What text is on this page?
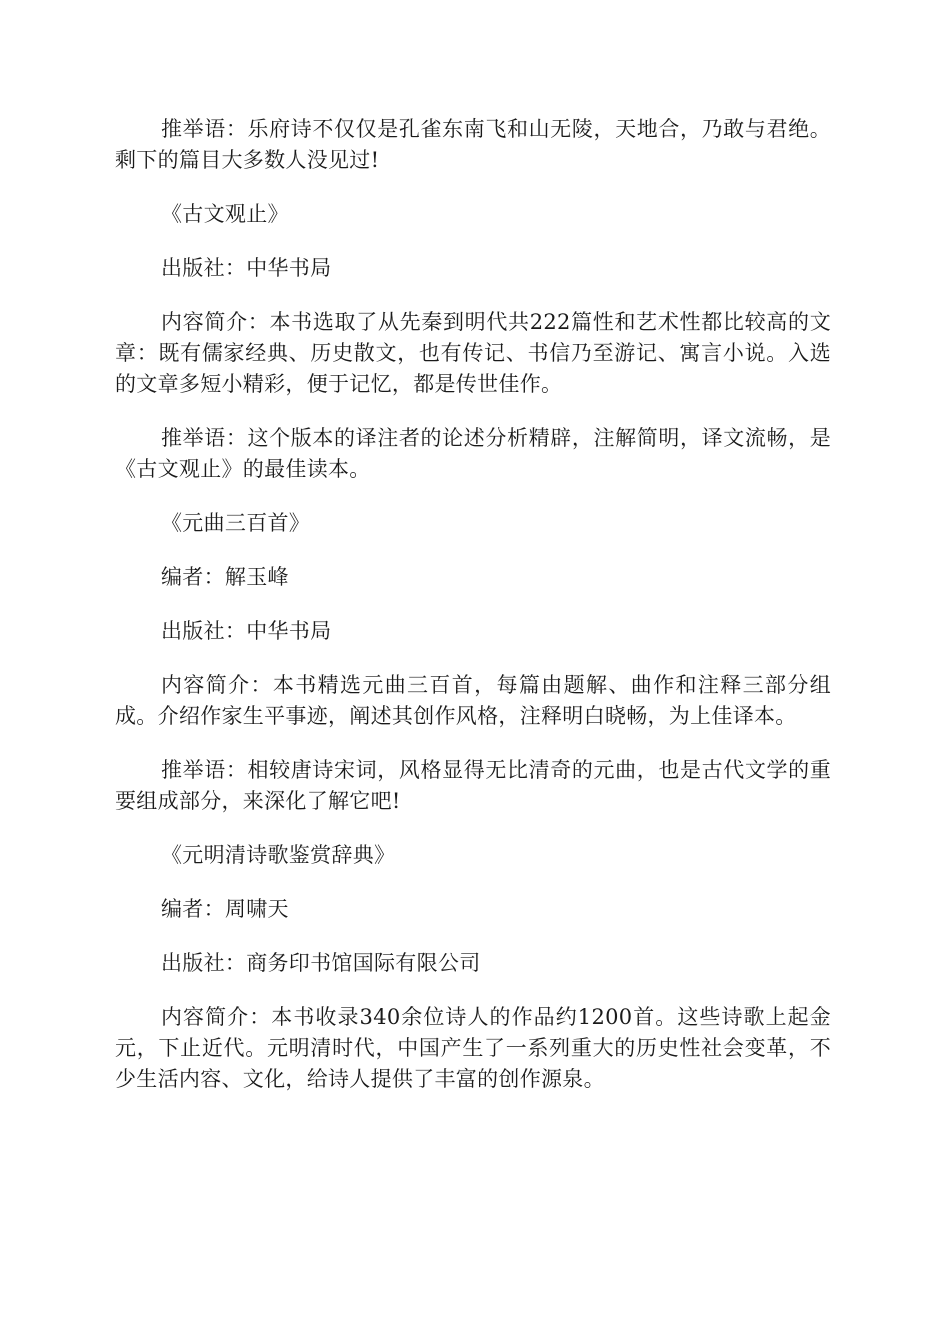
推举语：乐府诗不仅仅是孔雀东南飞和山无陵，天地合，乃敢与君绝。剩下的篇目大多数人没见过!

《古文观止》

出版社：中华书局

内容简介：本书选取了从先秦到明代共222篇性和艺术性都比较高的文章：既有儒家经典、历史散文，也有传记、书信乃至游记、寓言小说。入选的文章多短小精彩，便于记忆，都是传世佳作。

推举语：这个版本的译注者的论述分析精辟，注解简明，译文流畅，是《古文观止》的最佳读本。

《元曲三百首》

编者：解玉峰

出版社：中华书局

内容简介：本书精选元曲三百首，每篇由题解、曲作和注释三部分组成。介绍作家生平事迹，阐述其创作风格，注释明白晓畅，为上佳译本。

推举语：相较唐诗宋词，风格显得无比清奇的元曲，也是古代文学的重要组成部分，来深化了解它吧!

《元明清诗歌鉴赏辞典》

编者：周啸天

出版社：商务印书馆国际有限公司

内容简介：本书收录340余位诗人的作品约1200首。这些诗歌上起金元，下止近代。元明清时代，中国产生了一系列重大的历史性社会变革，不少生活内容、文化，给诗人提供了丰富的创作源泉。
